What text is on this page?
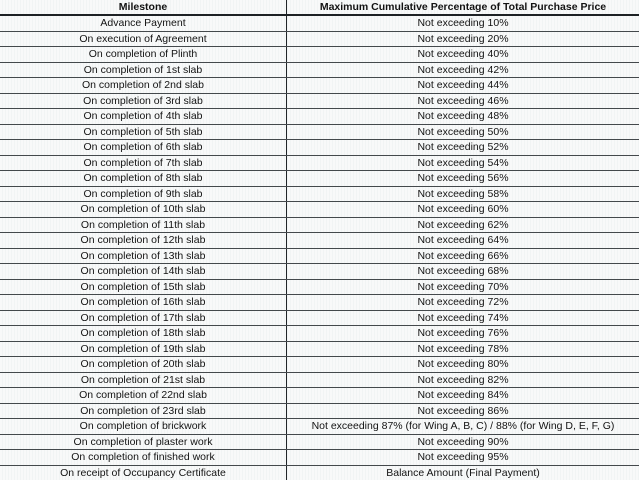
Milestone	Maximum Cumulative Percentage of Total Purchase Price
Advance Payment	Not exceeding 10%
On execution of Agreement	Not exceeding 20%
On completion of Plinth	Not exceeding 40%
On completion of 1st slab	Not exceeding 42%
On completion of 2nd slab	Not exceeding 44%
On completion of 3rd slab	Not exceeding 46%
On completion of 4th slab	Not exceeding 48%
On completion of 5th slab	Not exceeding 50%
On completion of 6th slab	Not exceeding 52%
On completion of 7th slab	Not exceeding 54%
On completion of 8th slab	Not exceeding 56%
On completion of 9th slab	Not exceeding 58%
On completion of 10th slab	Not exceeding 60%
On completion of 11th slab	Not exceeding 62%
On completion of 12th slab	Not exceeding 64%
On completion of 13th slab	Not exceeding 66%
On completion of 14th slab	Not exceeding 68%
On completion of 15th slab	Not exceeding 70%
On completion of 16th slab	Not exceeding 72%
On completion of 17th slab	Not exceeding 74%
On completion of 18th slab	Not exceeding 76%
On completion of 19th slab	Not exceeding 78%
On completion of 20th slab	Not exceeding 80%
On completion of 21st slab	Not exceeding 82%
On completion of 22nd slab	Not exceeding 84%
On completion of 23rd slab	Not exceeding 86%
On completion of brickwork	Not exceeding 87% (for Wing A, B, C) / 88% (for Wing D, E, F, G)
On completion of plaster work	Not exceeding 90%
On completion of finished work	Not exceeding 95%
On receipt of Occupancy Certificate	Balance Amount (Final Payment)
